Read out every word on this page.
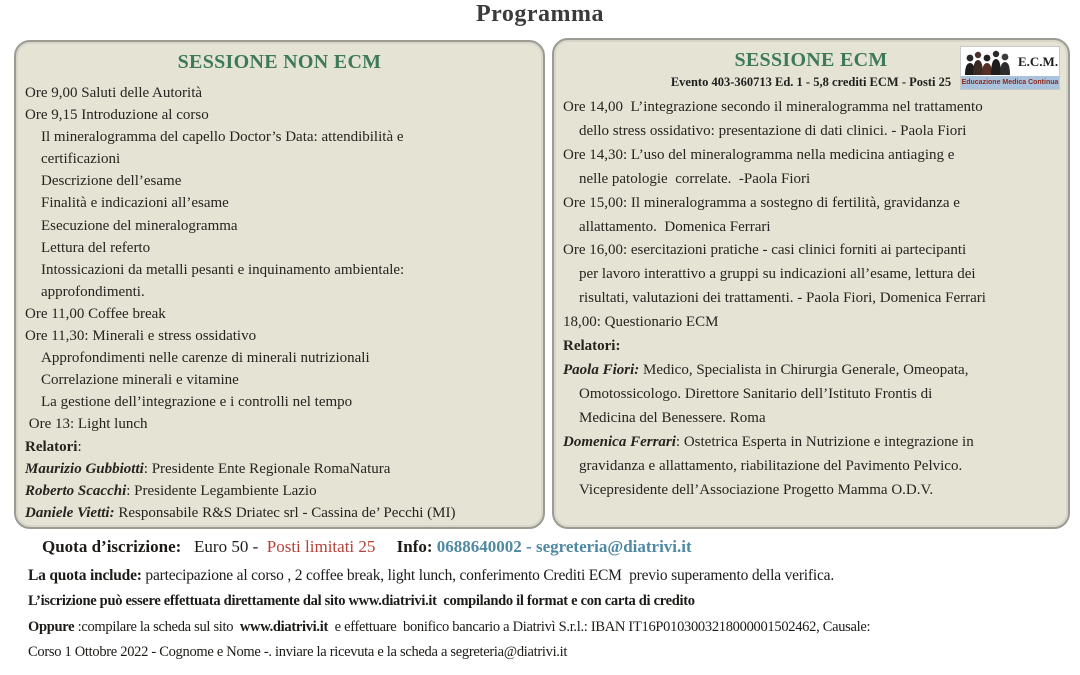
Programma
SESSIONE NON ECM
Ore 9,00 Saluti delle Autorità
Ore 9,15 Introduzione al corso
Il mineralogramma del capello Doctor’s Data: attendibilità e
certificazioni
Descrizione dell’esame
Finalità e indicazioni all’esame
Esecuzione del mineralogramma
Lettura del referto
Intossicazioni da metalli pesanti e inquinamento ambientale:
approfondimenti.
Ore 11,00 Coffee break
Ore 11,30: Minerali e stress ossidativo
Approfondimenti nelle carenze di minerali nutrizionali
Correlazione minerali e vitamine
La gestione dell’integrazione e i controlli nel tempo
Ore 13: Light lunch
Relatori:
Maurizio Gubbiotti: Presidente Ente Regionale RomaNatura
Roberto Scacchi: Presidente Legambiente Lazio
Daniele Vietti: Responsabile R&S Driatec srl - Cassina de’ Pecchi (MI)
E.C.M.
Educazione Medica Continua
SESSIONE ECM
Evento 403-360713 Ed. 1 - 5,8 crediti ECM - Posti 25
Ore 14,00  L’integrazione secondo il mineralogramma nel trattamento
dello stress ossidativo: presentazione di dati clinici. - Paola Fiori
Ore 14,30: L’uso del mineralogramma nella medicina antiaging e
nelle patologie  correlate.  -Paola Fiori
Ore 15,00: Il mineralogramma a sostegno di fertilità, gravidanza e
allattamento.  Domenica Ferrari
Ore 16,00: esercitazioni pratiche - casi clinici forniti ai partecipanti
per lavoro interattivo a gruppi su indicazioni all’esame, lettura dei
risultati, valutazioni dei trattamenti. - Paola Fiori, Domenica Ferrari
18,00: Questionario ECM
Relatori:
Paola Fiori: Medico, Specialista in Chirurgia Generale, Omeopata,
Omotossicologo. Direttore Sanitario dell’Istituto Frontis di
Medicina del Benessere. Roma
Domenica Ferrari: Ostetrica Esperta in Nutrizione e integrazione in
gravidanza e allattamento, riabilitazione del Pavimento Pelvico.
Vicepresidente dell’Associazione Progetto Mamma O.D.V.
Quota d’iscrizione:   Euro 50 -  Posti limitati 25 Info: 0688640002 - segreteria@diatrivi.it
La quota include: partecipazione al corso , 2 coffee break, light lunch, conferimento Crediti ECM  previo superamento della verifica.
L’iscrizione può essere effettuata direttamente dal sito www.diatrivi.it  compilando il format e con carta di credito
Oppure :compilare la scheda sul sito  www.diatrivi.it  e effettuare  bonifico bancario a Diatrivì S.r.l.: IBAN IT16P0103003218000001502462, Causale:
Corso 1 Ottobre 2022 - Cognome e Nome -. inviare la ricevuta e la scheda a segreteria@diatrivi.it
